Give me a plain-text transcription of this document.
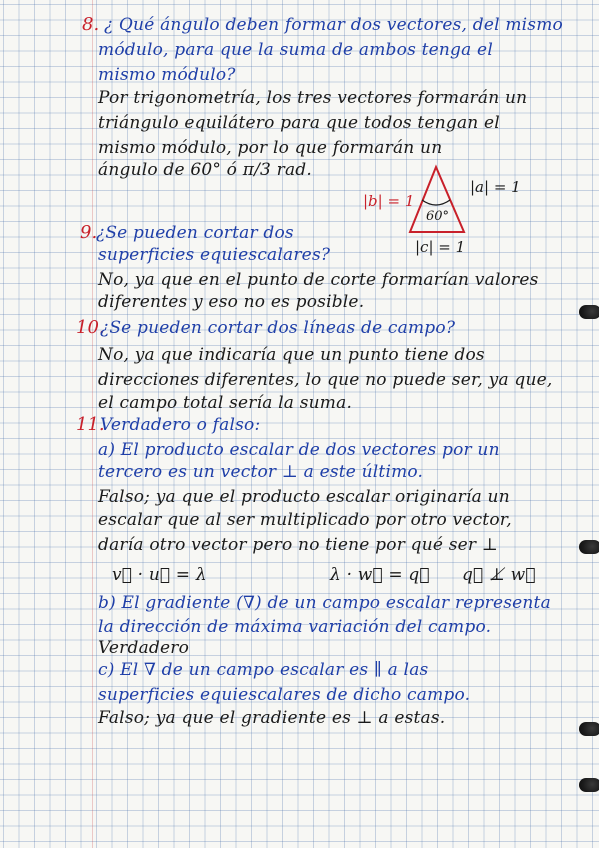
8. ¿ Qué ángulo deben formar dos vectores, del mismo
módulo, para que la suma de ambos tenga el
mismo módulo?
Por trigonometría, los tres vectores formarán un
triángulo equilátero para que todos tengan el
mismo módulo, por lo que formarán un
ángulo de 60° ó π/3 rad.
|b| = 1
|a| = 1
|c| = 1
60°
9.
¿Se pueden cortar dos
superficies equiescalares?
No, ya que en el punto de corte formarían valores
diferentes y eso no es posible.
10.
¿Se pueden cortar dos líneas de campo?
No, ya que indicaría que un punto tiene dos
direcciones diferentes, lo que no puede ser, ya que,
el campo total sería la suma.
11.
Verdadero o falso:
a) El producto escalar de dos vectores por un
tercero es un vector ⊥ a este último.
Falso; ya que el producto escalar originaría un
escalar que al ser multiplicado por otro vector,
daría otro vector pero no tiene por qué ser ⊥
v⃗ · u⃗ = λ	λ · w⃗ = q⃗ q⃗ ⊥̸ w⃗
b) El gradiente (∇) de un campo escalar representa
la dirección de máxima variación del campo.
Verdadero
c) El ∇ de un campo escalar es ∥ a las
superficies equiescalares de dicho campo.
Falso; ya que el gradiente es ⊥ a estas.
